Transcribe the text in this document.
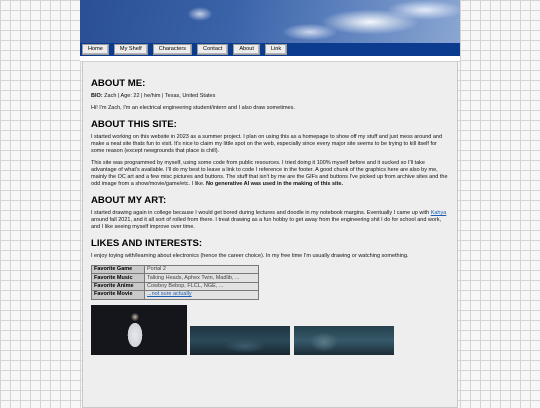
Home	My Shelf	Characters	Contact	About	Link
ABOUT ME:

BIO: Zach | Age: 22 | he/him | Texas, United States

Hi! I'm Zach, I'm an electrical engineering student/intern and I also draw sometimes.

ABOUT THIS SITE:

I started working on this website in 2023 as a summer project. I plan on using this as a homepage to show off my stuff and just mess around and make a neat site thats fun to visit. It's nice to claim my little spot on the web, especially since every major site seems to be trying to kill itself for some reason (except newgrounds that place is chill).

This site was programmed by myself, using some code from public resources. I tried doing it 100% myself before and it sucked so I'll take advantage of what's available. I'll do my best to leave a link to code I reference in the footer. A good chunk of the graphics here are also by me, mainly the OC art and a few misc pictures and buttons. The stuff that isn't by me are the GIFs and buttons I've picked up from archive sites and the odd image from a show/movie/game/etc. I like. No generative AI was used in the making of this site.

ABOUT MY ART:

I started drawing again in college because I would get bored during lectures and doodle in my notebook margins. Eventually I came up with Kahya around fall 2021, and it all sort of rolled from there. I treat drawing as a fun hobby to get away from the engineering shit I do for school and work, and I like seeing myself improve over time.

LIKES AND INTERESTS:

I enjoy toying with/learning about electronics (hence the career choice). In my free time I'm usually drawing or watching something.

Favorite Game	Portal 2
Favorite Music	Talking Heads, Aphex Twin, Madlib, ...
Favorite Anime	Cowboy Bebop, FLCL, NGE, ...
Favorite Movie	...not sure actually
